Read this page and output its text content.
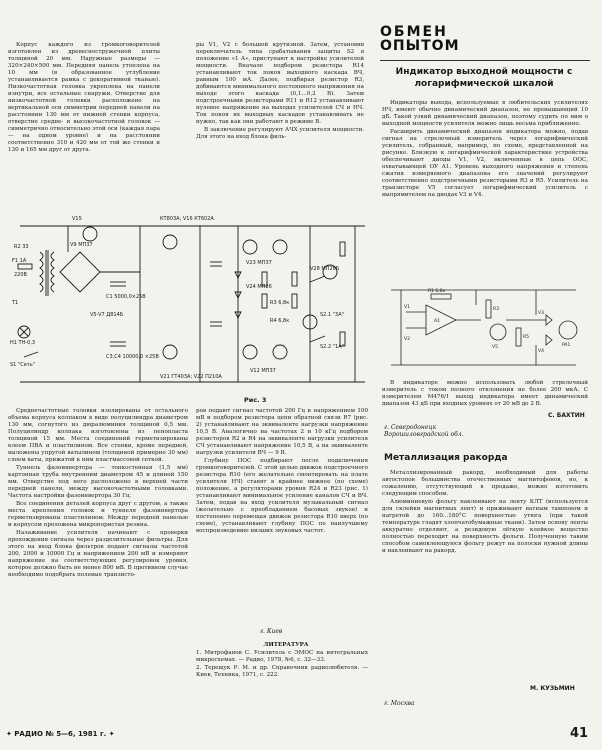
Корпус каждого из громкоговорителей изготовлен из древесностружечной плиты толщиной 20 мм. Наружные размеры — 320×240×500 мм. Передняя панель утоплена на 10 мм (в образованное углубление устанавливается рамка с декоративной тканью). Низкочастотная головка укреплена на панели изнутри, все остальные снаружи. Отверстие для низкочастотной головки расположено на вертикальной оси симметрии передней панели на расстоянии 130 мм от нижней стенки корпуса, отверстие средне- и высокочастотной головок — симметрично относительно этой оси (каждая пара — на одном уровне) и на расстоянии соответственно 310 и 420 мм от той же стенки и 130 и 165 мм друг от друга.

ры V1, V2 с большой крутизной. Затем, установив переключатель типа срабатывания защиты S2 в положение «1 А», приступают к настройке усилителей мощности. Вначале подбором резистора R14 устанавливают ток покоя выходного каскада ВЧ, равным 100 мА. Далее, подбирая резистор R3, добиваются минимального постоянного напряжения на выходе этого каскада (0,1...0,2 В). Затем подстроечными резисторами R11 и R12 устанавливают нулевое напряжение на выходах усилителей СЧ и НЧ. Ток покоя их выходных каскадов устанавливать не нужно, так как они работают в режиме В.

В заключение регулируют АЧХ усилителя мощности. Для этого на вход блока филь-

ОБМЕН
ОПЫТОМ
Индикатор выходной мощности с логарифмической шкалой

Индикаторы выхода, используемые в любительских усилителях НЧ, имеют обычно динамический диапазон, не превышающий 10 дБ. Такой узкий динамический диапазон, поэтому судить по ним о выходной мощности усилителя можно лишь весьма приближенно.

Расширить динамический диапазон индикатора можно, подав сигнал на стрелочный измеритель через логарифмический усилитель, собранный, например, по схеме, представленной на рисунке. Близкую к логарифмической характеристике устройства обеспечивают диоды V1, V2, включенные в цепь ООС, охватывающей ОУ А1. Уровень выходного напряжения и степень сжатия измеряемого диапазона его значений регулируют соответственно подстроечными резисторами R3 и R5. Усилитель на транзисторе V5 согласует логарифмический усилитель с выпрямителем на диодах V3 и V4.

R1 6,8к
V1
V2
A1
R3
R5
V5
V3
V4
PA1

В индикаторе можно использовать любой стрелочный измеритель с током полного отклонения не более 200 мкА. С измерителем М476/1 выход индикатора имеет динамический диапазон 43 дБ при входных уровнях от 20 мВ до 2 В.

С. БАХТИН
г. Северодонецк Ворошиловградской обл.
Металлизация ракорда

Металлизированный ракорд, необходимый для работы автостопов большинства отечественных магнитофонов, но, к сожалению, отсутствующий в продаже, можно изготовить следующим способом.

Алюминиевую фольгу наклеивают на ленту КЛТ (используется для склейки магнитных лент) и прижимают ватным тампоном и нагретой до 160...180°С поверхностью утюга (при такой температуре гладят хлопчатобумажные ткани). Затем основу ленты аккуратно отделяют, а резидовую лёгкую клейкое вещество полностью переходит на поверхность фольги. Полученную таким способом самоклеющуюся фольгу режут на полоски нужной длины и наклеивают на ракорд.

М. КУЗЬМИН
г. Москва
V15	КТ803А; V16 КТ602А
V9 МП37
R2 33
F1 1А
220В
T1
H1 ТН-0,3
S1 "Сеть"
C1 5000,0×25В
V5-V7 Д814Б
C3,C4 10000,0 ×25В
V23 МП37
V24 МП26
R3 6,8к
R4 6,8к
V28 МП26Б
S2.1 "3А"
S2.2 "1А"
V12 МП37
V21 ГТ403А; V22 П210А
Рис. 3

Среднечастотные головки изолированы от остального объема корпуса колпаком в виде полуцилиндра диаметром 130 мм, согнутого из дюралюминия толщиной 0,5 мм. Полуцилиндр колпака изготовлены из пенопласта толщиной 15 мм. Места соединений герметизированы клеем ПВА и пластилином. Все стенки, кроме передней, выложены упругой ватылином (толщиной примерно 30 мм) слоем ваты, прижатой к ним пластмассовой сеткой.

Туннель фазоинвертора — тонкостенная (1,5 мм) картонная труба внутренним диаметром 45 и длиной 150 мм. Отверстие под него расположено в верхней части передней панели, между высокочастотными головками. Частота настройки фазоинвертора 30 Гц.

Все соединения деталей корпуса друг с другом, а также места крепления головок и туннеля фазоинвертора герметизированы пластилином. Между передней панелью и корпусом проложена микропористая резина.

Налаживание усилителя начинают с проверки прохождения сигнала через разделительные фильтры. Для этого на вход блока фильтров подают сигналы частотой 200, 2000 и 10000 Гц и напряжением 200 мВ и измеряют напряжение на соответствующих регулировок уровня, которое должно быть не менее 800 мВ. В противном случае необходимо подобрать полевые транзисто-

ров подают сигнал частотой 200 Гц и напряжением 100 мВ и подбором резистора цепи обратной связи R7 (рис. 2) устанавливают на эквиваленте нагрузки напряжение 10,5 В. Аналогично на частотах 2 и 10 кГц подбором резисторов R2 и R4 на эквиваленте нагрузки усилителя СЧ устанавливают напряжение 10,5 В, а на эквиваленте нагрузки усилителя ВЧ — 9 В.

Глубину ПОС подбирают после подключения громкоговорителей. С этой целью движок подстроечного резистора R10 (его желательно смонтировать на плате усилителя НЧ) ставят в крайнее нижнее (по схеме) положение, а регуляторами уровня R24 и R23 (рис. 1) устанавливают минимальное усиление каналов СЧ и ВЧ. Затем, подав на вход усилителя музыкальный сигнал (желательно с преобладанием басовых звуков) и постепенно перемещая движок резистора R10 вверх (по схеме), устанавливают глубину ПОС по наилучшему воспроизведению низших звуковых частот.

г. Киев

ЛИТЕРАТУРА

1. Митрофанов С. Усилитель с ЭМОС на интегральных микросхемах. — Радио, 1978, №6, с. 32—33.

2. Терещук Р. М. и др. Справочник радиолюбителя. — Киев, Техника, 1971, с. 222.

✦ РАДИО № 5—6, 1981 г. ✦	41
